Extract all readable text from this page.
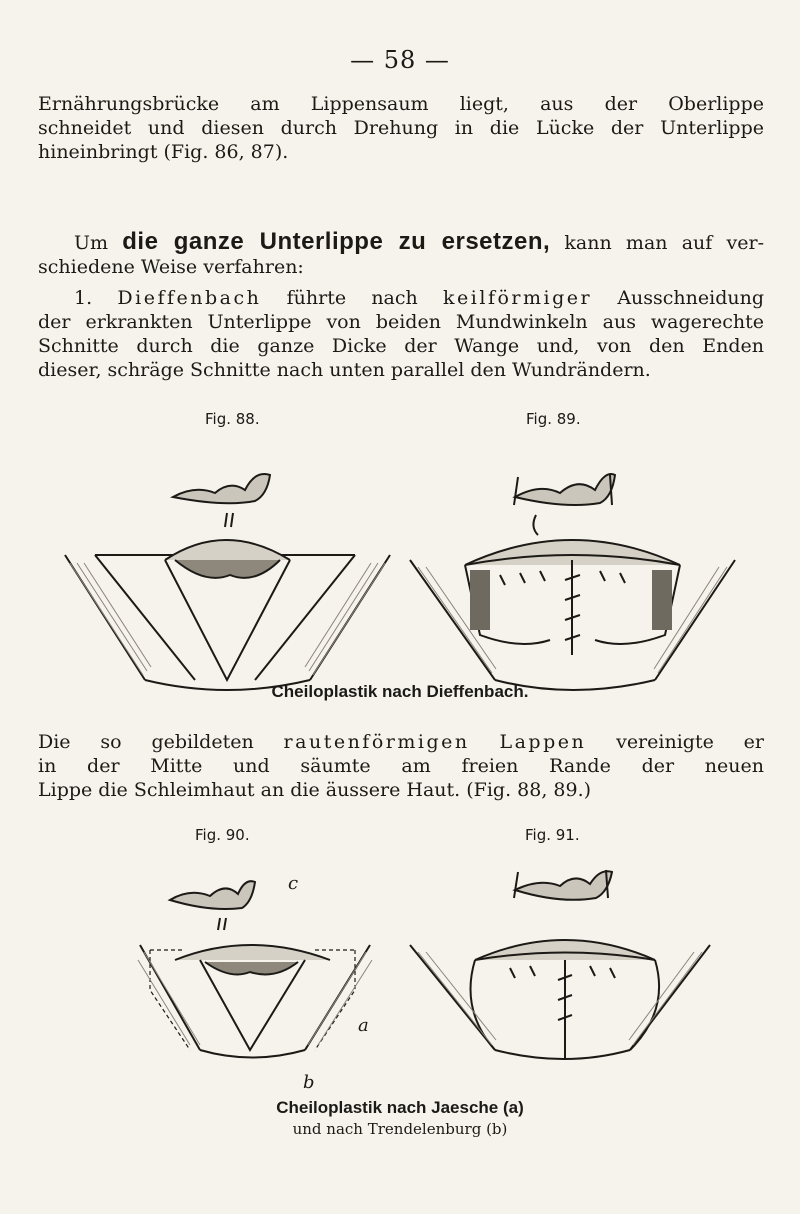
— 58 —
Ernährungsbrücke am Lippensaum liegt, aus der Oberlippe
schneidet und diesen durch Drehung in die Lücke der Unterlippe
hineinbringt (Fig. 86, 87).
Um die ganze Unterlippe zu ersetzen, kann man auf ver-
schiedene Weise verfahren:
1. Dieffenbach führte nach keilförmiger Ausschneidung
der erkrankten Unterlippe von beiden Mundwinkeln aus wagerechte
Schnitte durch die ganze Dicke der Wange und, von den Enden
dieser, schräge Schnitte nach unten parallel den Wundrändern.
Fig. 88.	Fig. 89.
Cheiloplastik nach Dieffenbach.
Die so gebildeten rautenförmigen Lappen vereinigte er
in der Mitte und säumte am freien Rande der neuen
Lippe die Schleimhaut an die äussere Haut. (Fig. 88, 89.)
Fig. 90.	Fig. 91.
c
a
b
Cheiloplastik nach Jaesche (a)
und nach Trendelenburg (b)
